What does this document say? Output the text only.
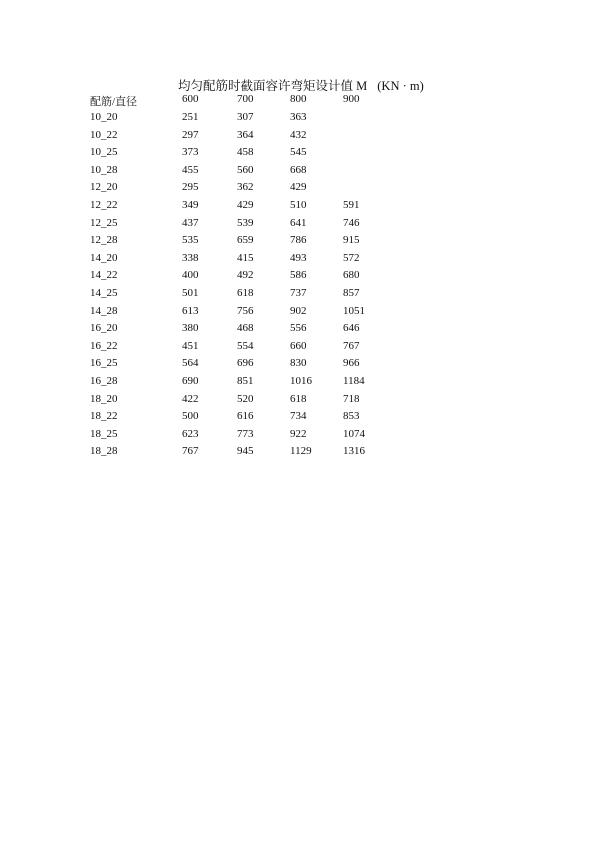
均匀配筋时截面容许弯矩设计值 M (KN · m)
配筋/直径	600	700	800	900
10_20	251	307	363
10_22	297	364	432
10_25	373	458	545
10_28	455	560	668
12_20	295	362	429
12_22	349	429	510	591
12_25	437	539	641	746
12_28	535	659	786	915
14_20	338	415	493	572
14_22	400	492	586	680
14_25	501	618	737	857
14_28	613	756	902	1051
16_20	380	468	556	646
16_22	451	554	660	767
16_25	564	696	830	966
16_28	690	851	1016	1184
18_20	422	520	618	718
18_22	500	616	734	853
18_25	623	773	922	1074
18_28	767	945	1129	1316
